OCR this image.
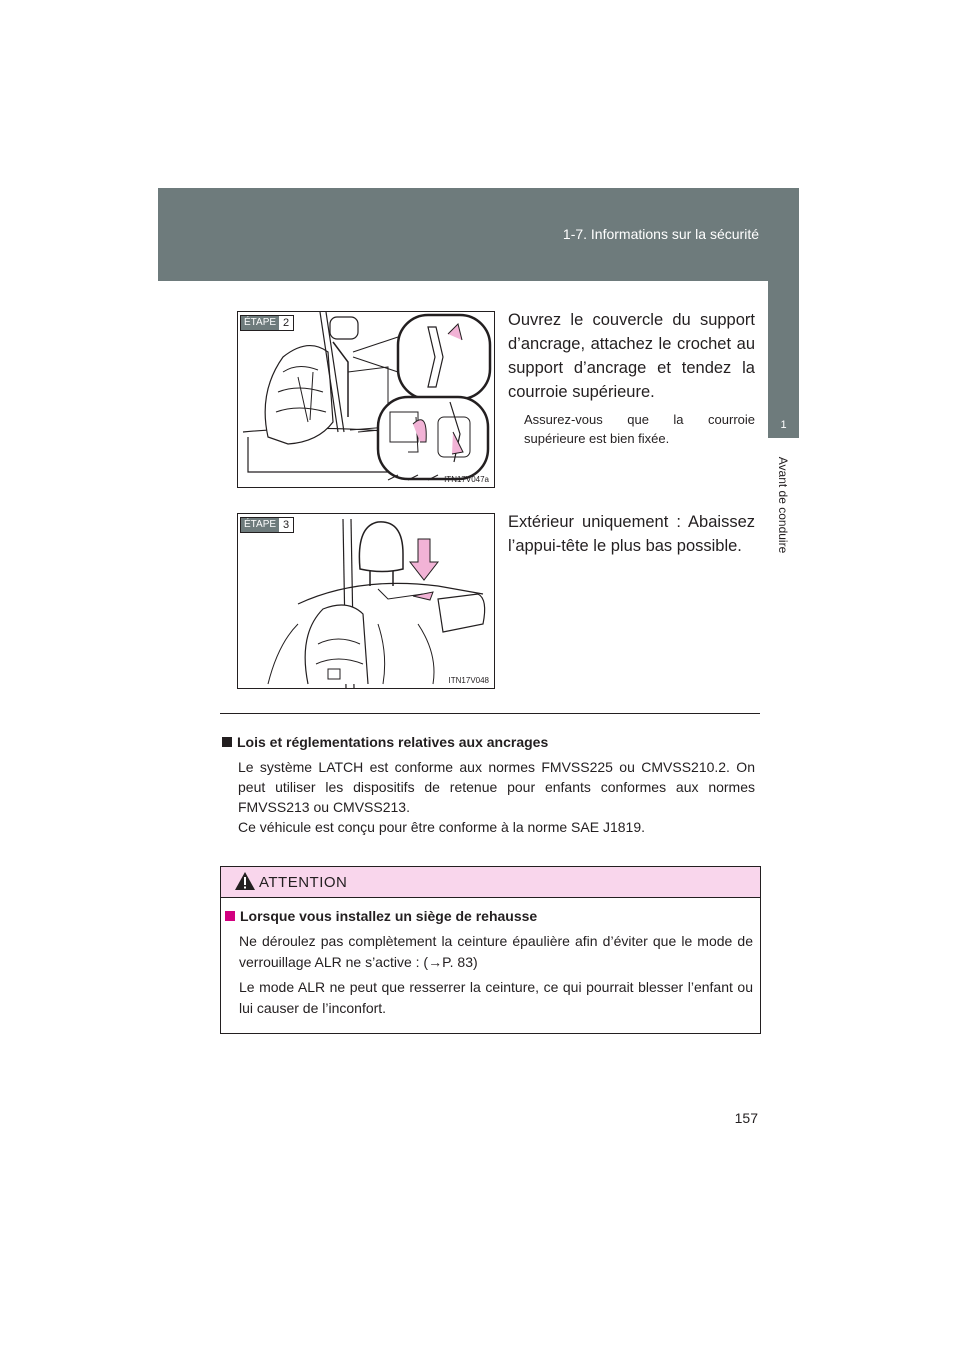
1-7. Informations sur la sécurité
1
Avant de conduire
ÉTAPE 2
ITN17V047a
Ouvrez le couvercle du support d’ancrage, attachez le crochet au support d’ancrage et tendez la courroie supérieure.
Assurez-vous que la courroie supérieure est bien fixée.
ÉTAPE 3
ITN17V048
Extérieur uniquement : Abaissez l’appui-tête le plus bas possible.
Lois et réglementations relatives aux ancrages
Le système LATCH est conforme aux normes FMVSS225 ou CMVSS210.2. On peut utiliser les dispositifs de retenue pour enfants conformes aux normes FMVSS213 ou CMVSS213.
Ce véhicule est conçu pour être conforme à la norme SAE J1819.
ATTENTION
Lorsque vous installez un siège de rehausse
Ne déroulez pas complètement la ceinture épaulière afin d’éviter que le mode de verrouillage ALR ne s’active : (→P. 83)
Le mode ALR ne peut que resserrer la ceinture, ce qui pourrait blesser l’enfant ou lui causer de l’inconfort.
157
